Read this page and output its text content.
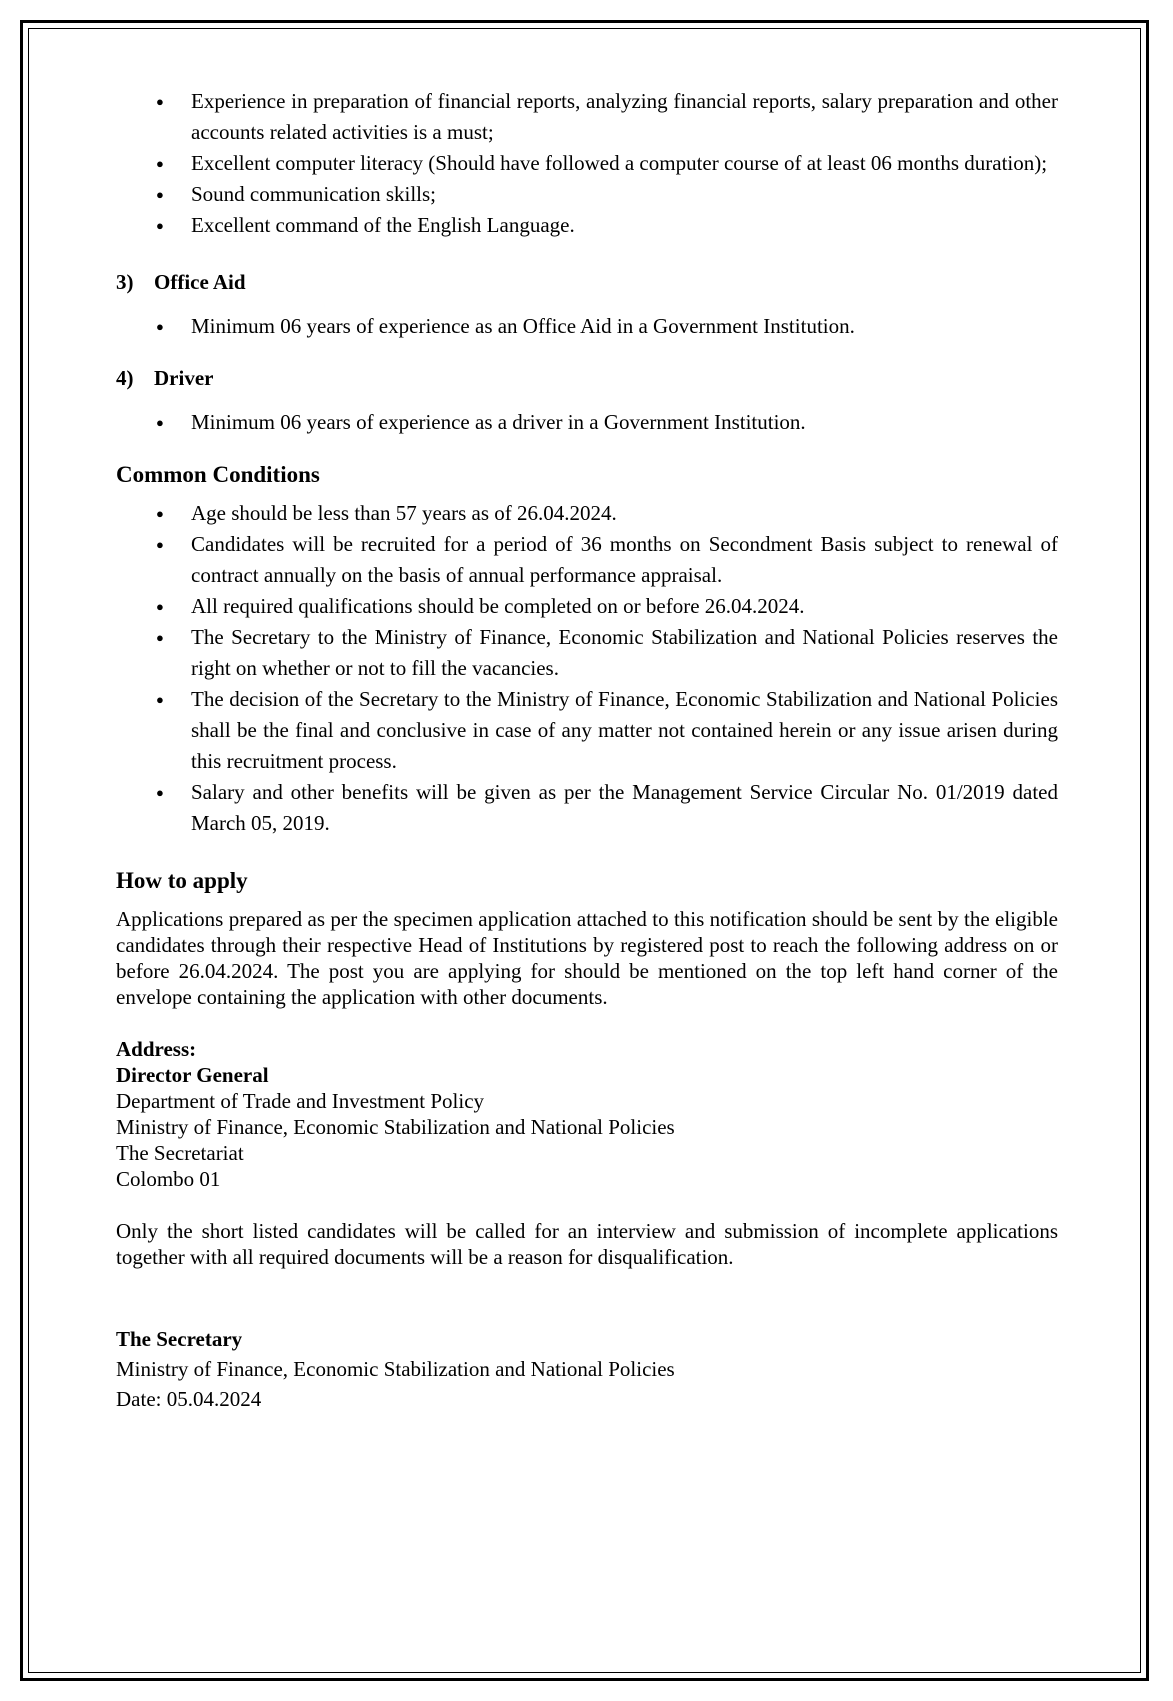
● Experience in preparation of financial reports, analyzing financial reports, salary preparation and other accounts related activities is a must;
● Excellent computer literacy (Should have followed a computer course of at least 06 months duration);
● Sound communication skills;
● Excellent command of the English Language.
3) Office Aid
● Minimum 06 years of experience as an Office Aid in a Government Institution.
4) Driver
● Minimum 06 years of experience as a driver in a Government Institution.
Common Conditions
● Age should be less than 57 years as of 26.04.2024.
● Candidates will be recruited for a period of 36 months on Secondment Basis subject to renewal of contract annually on the basis of annual performance appraisal.
● All required qualifications should be completed on or before 26.04.2024.
● The Secretary to the Ministry of Finance, Economic Stabilization and National Policies reserves the right on whether or not to fill the vacancies.
● The decision of the Secretary to the Ministry of Finance, Economic Stabilization and National Policies shall be the final and conclusive in case of any matter not contained herein or any issue arisen during this recruitment process.
● Salary and other benefits will be given as per the Management Service Circular No. 01/2019 dated March 05, 2019.
How to apply

Applications prepared as per the specimen application attached to this notification should be sent by the eligible candidates through their respective Head of Institutions by registered post to reach the following address on or before 26.04.2024. The post you are applying for should be mentioned on the top left hand corner of the envelope containing the application with other documents.

Address:
Director General
Department of Trade and Investment Policy
Ministry of Finance, Economic Stabilization and National Policies
The Secretariat
Colombo 01

Only the short listed candidates will be called for an interview and submission of incomplete applications together with all required documents will be a reason for disqualification.

The Secretary
Ministry of Finance, Economic Stabilization and National Policies
Date: 05.04.2024
